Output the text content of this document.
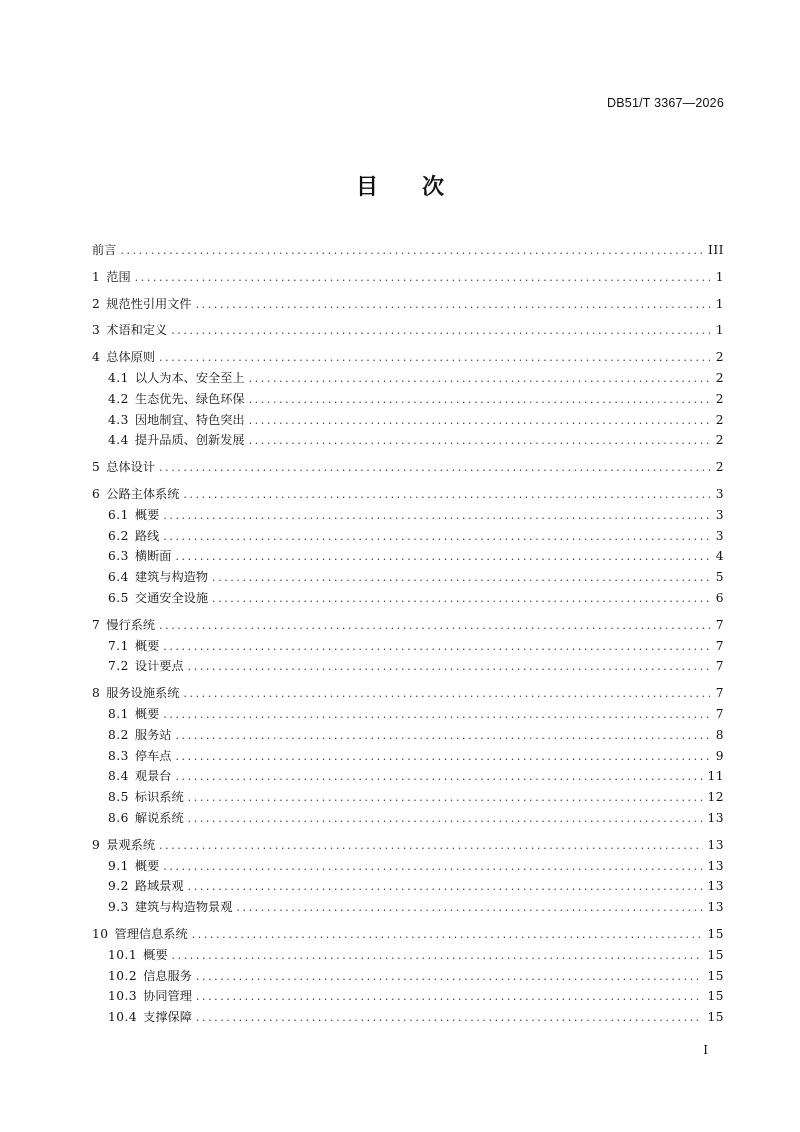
DB51/T 3367—2026
目 次
前言 .....	III
1 范围 .....	1
2 规范性引用文件 .....	1
3 术语和定义 .....	1
4 总体原则 .....	2
4.1 以人为本、安全至上 .....	2
4.2 生态优先、绿色环保 .....	2
4.3 因地制宜、特色突出 .....	2
4.4 提升品质、创新发展 .....	2
5 总体设计 .....	2
6 公路主体系统 .....	3
6.1 概要 .....	3
6.2 路线 .....	3
6.3 横断面 .....	4
6.4 建筑与构造物 .....	5
6.5 交通安全设施 .....	6
7 慢行系统 .....	7
7.1 概要 .....	7
7.2 设计要点 .....	7
8 服务设施系统 .....	7
8.1 概要 .....	7
8.2 服务站 .....	8
8.3 停车点 .....	9
8.4 观景台 .....	11
8.5 标识系统 .....	12
8.6 解说系统 .....	13
9 景观系统 .....	13
9.1 概要 .....	13
9.2 路域景观 .....	13
9.3 建筑与构造物景观 .....	13
10 管理信息系统 .....	15
10.1 概要 .....	15
10.2 信息服务 .....	15
10.3 协同管理 .....	15
10.4 支撑保障 .....	15
I
